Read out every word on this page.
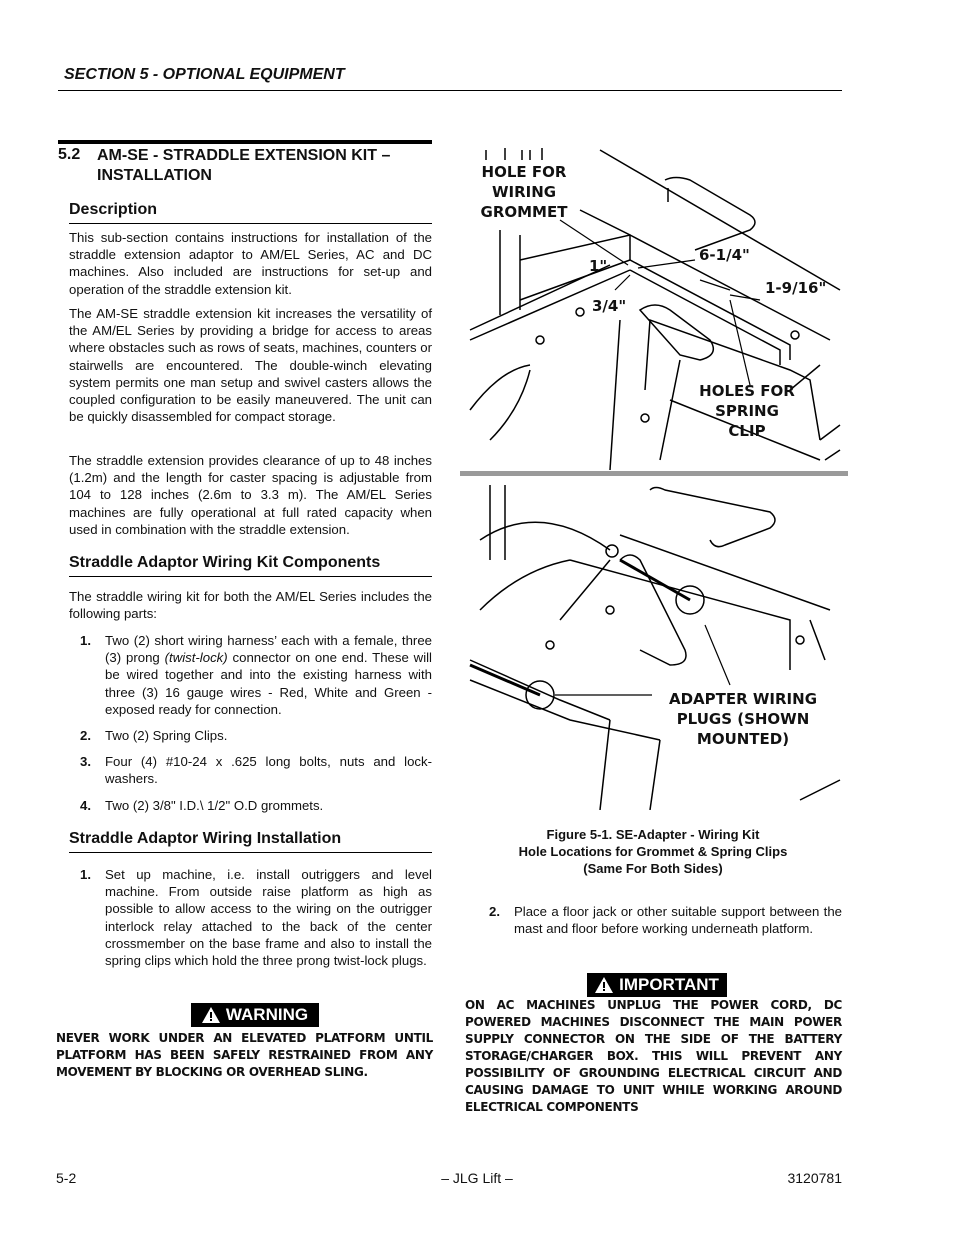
SECTION 5 - OPTIONAL EQUIPMENT
5.2 AM-SE - STRADDLE EXTENSION KIT – INSTALLATION
Description
This sub-section contains instructions for installation of the straddle extension adaptor to AM/EL Series, AC and DC machines. Also included are instructions for set-up and operation of the straddle extension kit.
The AM-SE straddle extension kit increases the versatility of the AM/EL Series by providing a bridge for access to areas where obstacles such as rows of seats, machines, counters or stairwells are encountered. The double-winch elevating system permits one man setup and swivel casters allows the coupled configuration to be easily maneuvered. The unit can be quickly disassembled for compact storage.
The straddle extension provides clearance of up to 48 inches (1.2m) and the length for caster spacing is adjustable from 104 to 128 inches (2.6m to 3.3 m). The AM/EL Series machines are fully operational at full rated capacity when used in combination with the straddle extension.
Straddle Adaptor Wiring Kit Components
The straddle wiring kit for both the AM/EL Series includes the following parts:
1. Two (2) short wiring harness’ each with a female, three (3) prong (twist-lock) connector on one end. These will be wired together and into the existing harness with three (3) 16 gauge wires - Red, White and Green - exposed ready for connection.
2. Two (2) Spring Clips.
3. Four (4) #10-24 x .625 long bolts, nuts and lock-washers.
4. Two (2) 3/8" I.D.\ 1/2" O.D grommets.
Straddle Adaptor Wiring Installation
1. Set up machine, i.e. install outriggers and level machine. From outside raise platform as high as possible to allow access to the wiring on the outrigger interlock relay attached to the back of the center crossmember on the base frame and also to install the spring clips which hold the three prong twist-lock plugs.
WARNING
NEVER WORK UNDER AN ELEVATED PLATFORM UNTIL PLATFORM HAS BEEN SAFELY RESTRAINED FROM ANY MOVEMENT BY BLOCKING OR OVERHEAD SLING.
HOLE FOR WIRING GROMMET
1"
3/4"
6-1/4"
1-9/16"
HOLES FOR SPRING CLIP
ADAPTER WIRING PLUGS (SHOWN MOUNTED)
Figure 5-1. SE-Adapter - Wiring Kit
Hole Locations for Grommet & Spring Clips
(Same For Both Sides)
2. Place a floor jack or other suitable support between the mast and floor before working underneath platform.
IMPORTANT
ON AC MACHINES UNPLUG THE POWER CORD, DC POWERED MACHINES DISCONNECT THE MAIN POWER SUPPLY CONNECTOR ON THE SIDE OF THE BATTERY STORAGE/CHARGER BOX. THIS WILL PREVENT ANY POSSIBILITY OF GROUNDING ELECTRICAL CIRCUIT AND CAUSING DAMAGE TO UNIT WHILE WORKING AROUND ELECTRICAL COMPONENTS
5-2	– JLG Lift –	3120781
